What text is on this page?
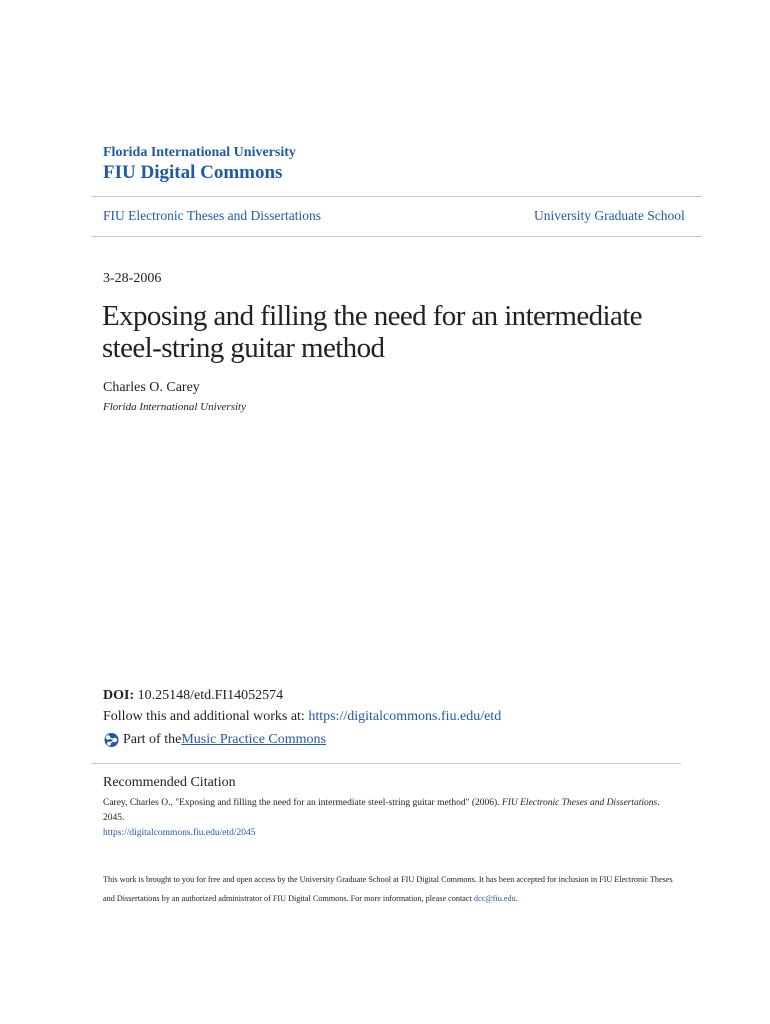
Florida International University
FIU Digital Commons
FIU Electronic Theses and Dissertations	University Graduate School
3-28-2006
Exposing and filling the need for an intermediate steel-string guitar method
Charles O. Carey
Florida International University
DOI: 10.25148/etd.FI14052574
Follow this and additional works at: https://digitalcommons.fiu.edu/etd
Part of the Music Practice Commons
Recommended Citation
Carey, Charles O., "Exposing and filling the need for an intermediate steel-string guitar method" (2006). FIU Electronic Theses and Dissertations. 2045.
https://digitalcommons.fiu.edu/etd/2045
This work is brought to you for free and open access by the University Graduate School at FIU Digital Commons. It has been accepted for inclusion in FIU Electronic Theses and Dissertations by an authorized administrator of FIU Digital Commons. For more information, please contact dcc@fiu.edu.
